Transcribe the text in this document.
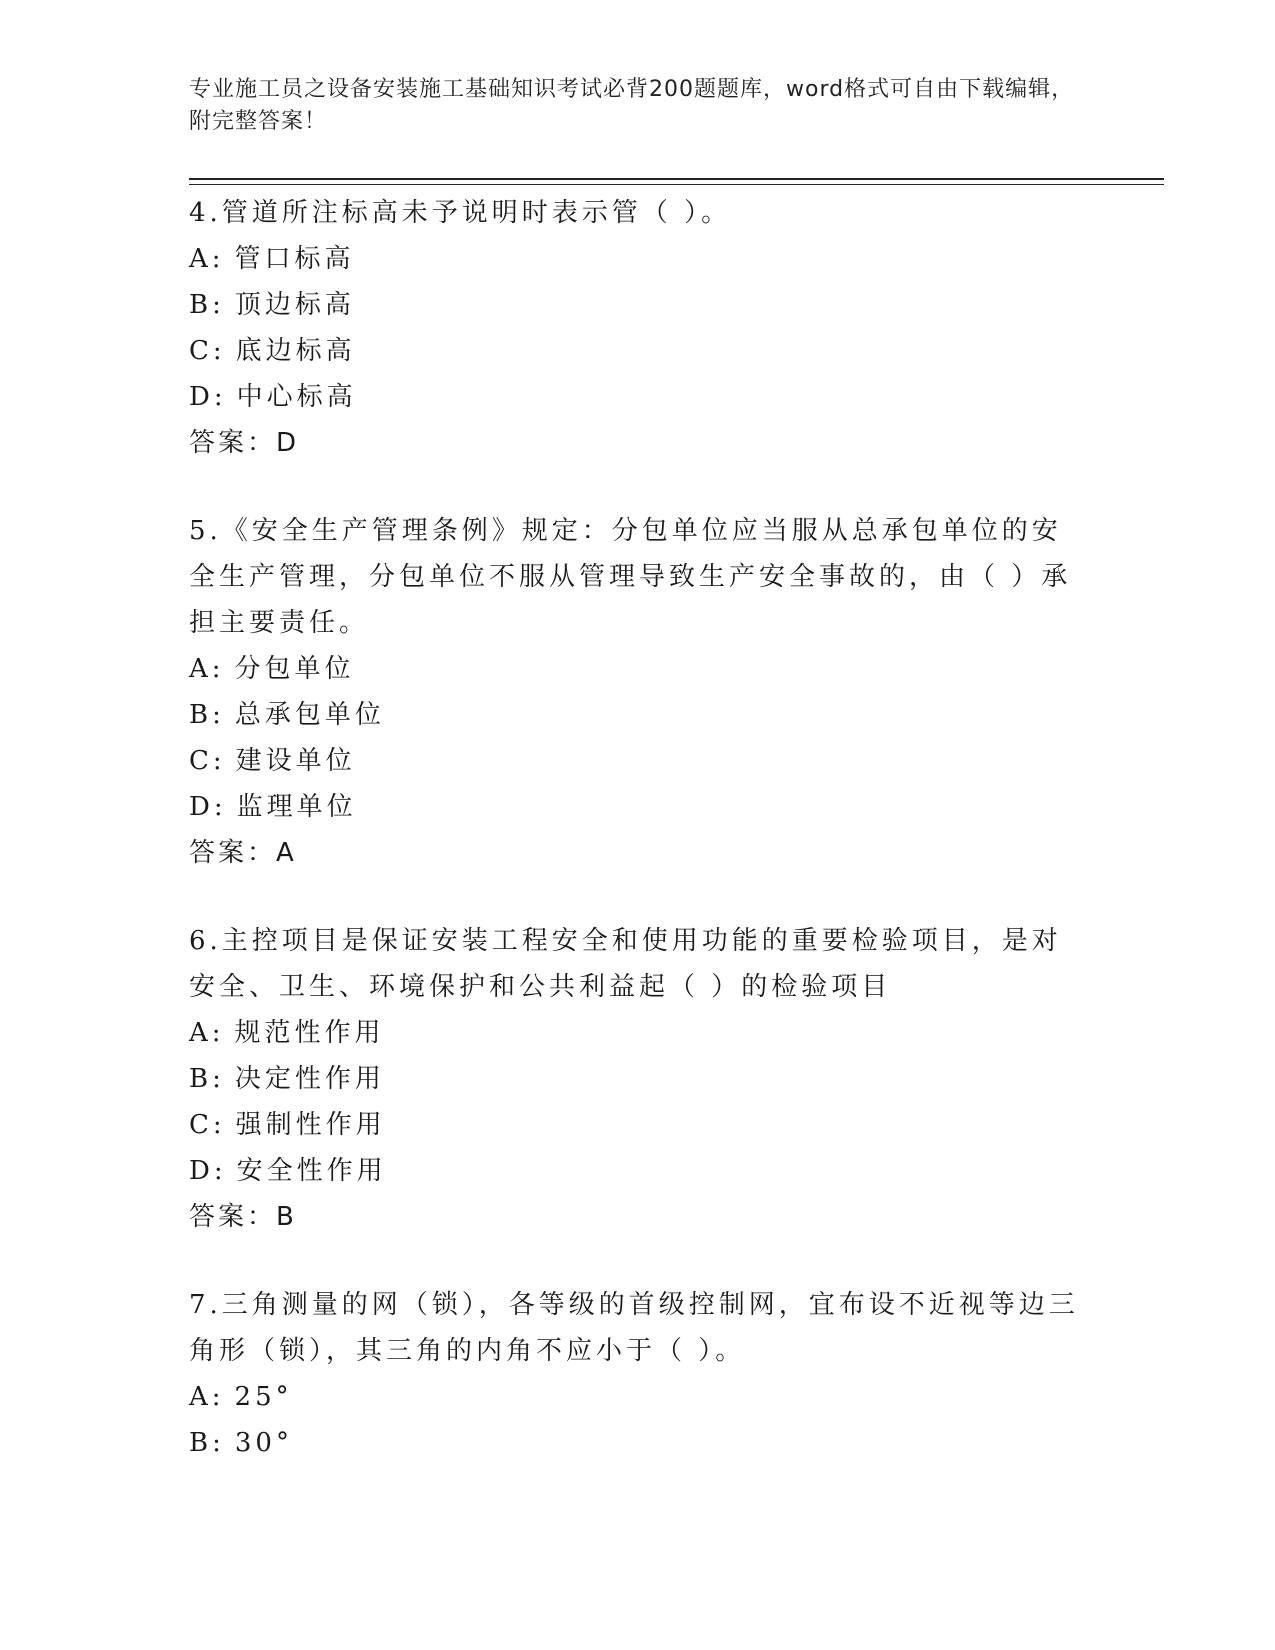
专业施工员之设备安装施工基础知识考试必背200题题库，word格式可自由下载编辑，附完整答案！

4.管道所注标高未予说明时表示管（ ）。

A: 管口标高
B: 顶边标高
C: 底边标高
D: 中心标高

答案：D

5.《安全生产管理条例》规定：分包单位应当服从总承包单位的安全生产管理，分包单位不服从管理导致生产安全事故的，由（ ）承担主要责任。

A: 分包单位
B: 总承包单位
C: 建设单位
D: 监理单位

答案：A

6.主控项目是保证安装工程安全和使用功能的重要检验项目，是对安全、卫生、环境保护和公共利益起（ ）的检验项目

A: 规范性作用
B: 决定性作用
C: 强制性作用
D: 安全性作用

答案：B

7.三角测量的网（锁），各等级的首级控制网，宜布设不近视等边三角形（锁），其三角的内角不应小于（ ）。

A: 25°
B: 30°
